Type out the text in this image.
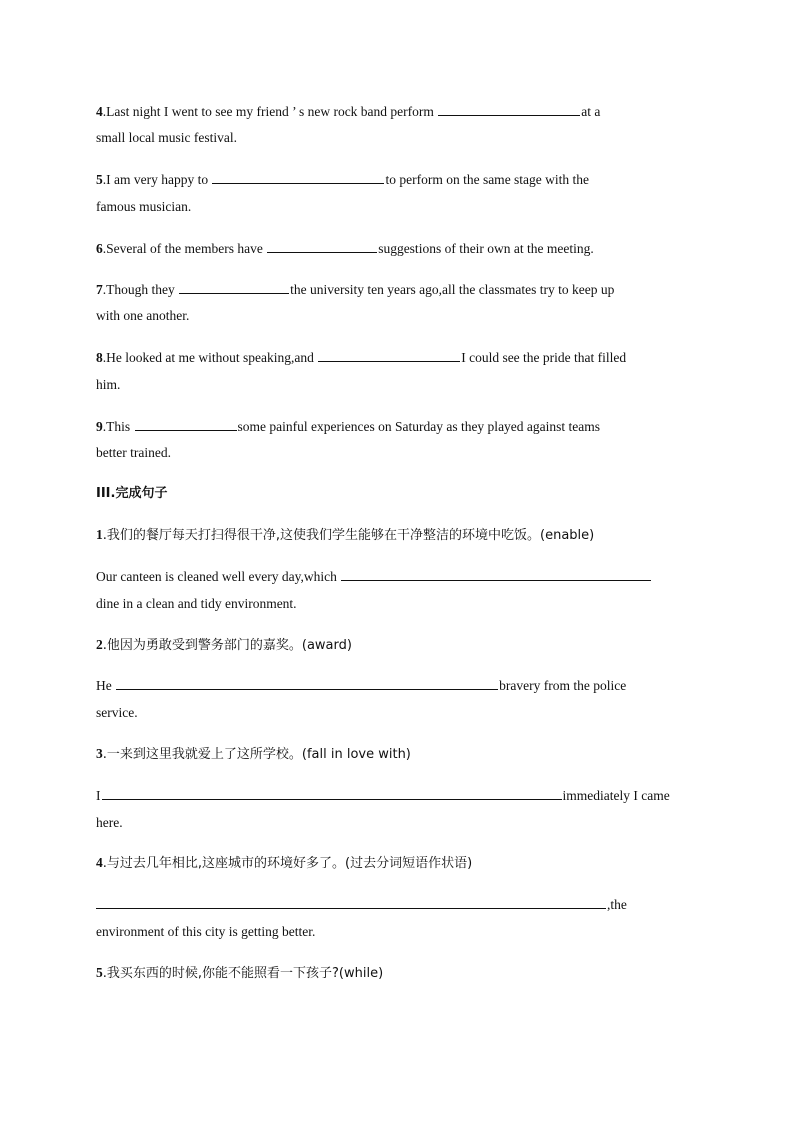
4.Last night I went to see my friend ’ s new rock band perform	at a
small local music festival.
5.I am very happy to	to perform on the same stage with the
famous musician.
6.Several of the members have	suggestions of their own at the meeting.
7.Though they	the university ten years ago,all the classmates try to keep up
with one another.
8.He looked at me without speaking,and	I could see the pride that filled
him.
9.This	some painful experiences on Saturday as they played against teams
better trained.
III.完成句子
1.我们的餐厅每天打扫得很干净,这使我们学生能够在干净整洁的环境中吃饭。(enable)
Our canteen is cleaned well every day,which
dine in a clean and tidy environment.
2.他因为勇敢受到警务部门的嘉奖。(award)
He	bravery from the police
service.
3.一来到这里我就爱上了这所学校。(fall in love with)
I	immediately I came
here.
4.与过去几年相比,这座城市的环境好多了。(过去分词短语作状语)
,the
environment of this city is getting better.
5.我买东西的时候,你能不能照看一下孩子?(while)
